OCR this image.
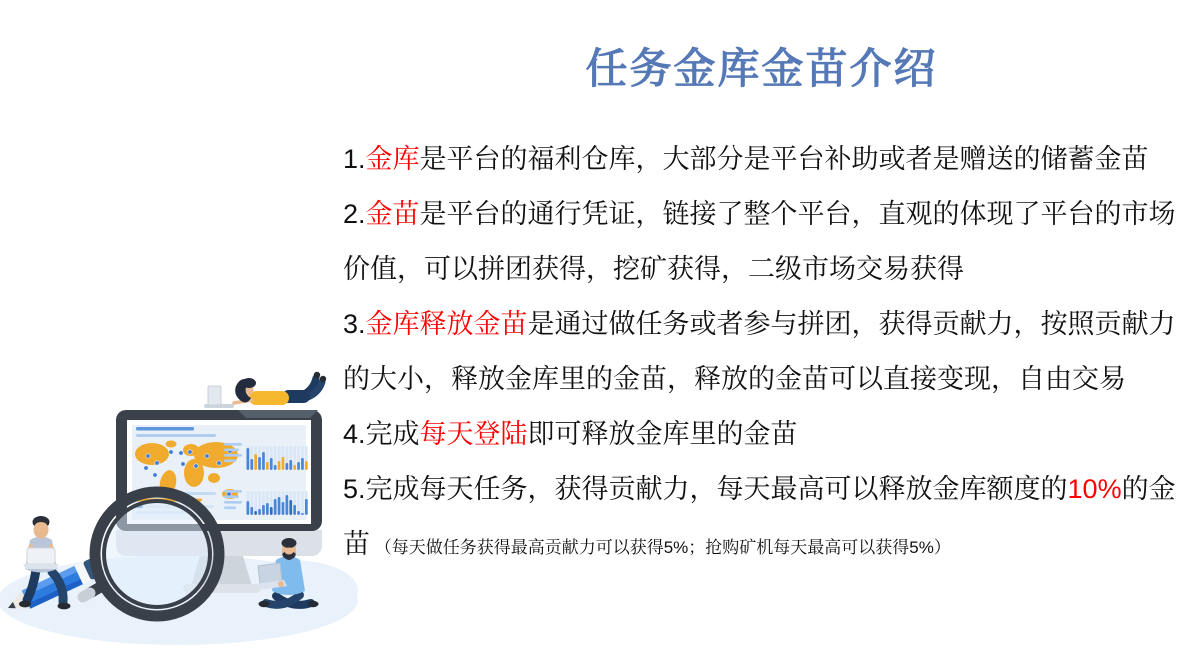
任务金库金苗介绍
1.金库是平台的福利仓库，大部分是平台补助或者是赠送的储蓄金苗
2.金苗是平台的通行凭证，链接了整个平台，直观的体现了平台的市场
价值，可以拼团获得，挖矿获得，二级市场交易获得
3.金库释放金苗是通过做任务或者参与拼团，获得贡献力，按照贡献力
的大小，释放金库里的金苗，释放的金苗可以直接变现，自由交易
4.完成每天登陆即可释放金库里的金苗
5.完成每天任务，获得贡献力，每天最高可以释放金库额度的10%的金
苗 （每天做任务获得最高贡献力可以获得5%；抢购矿机每天最高可以获得5%）
